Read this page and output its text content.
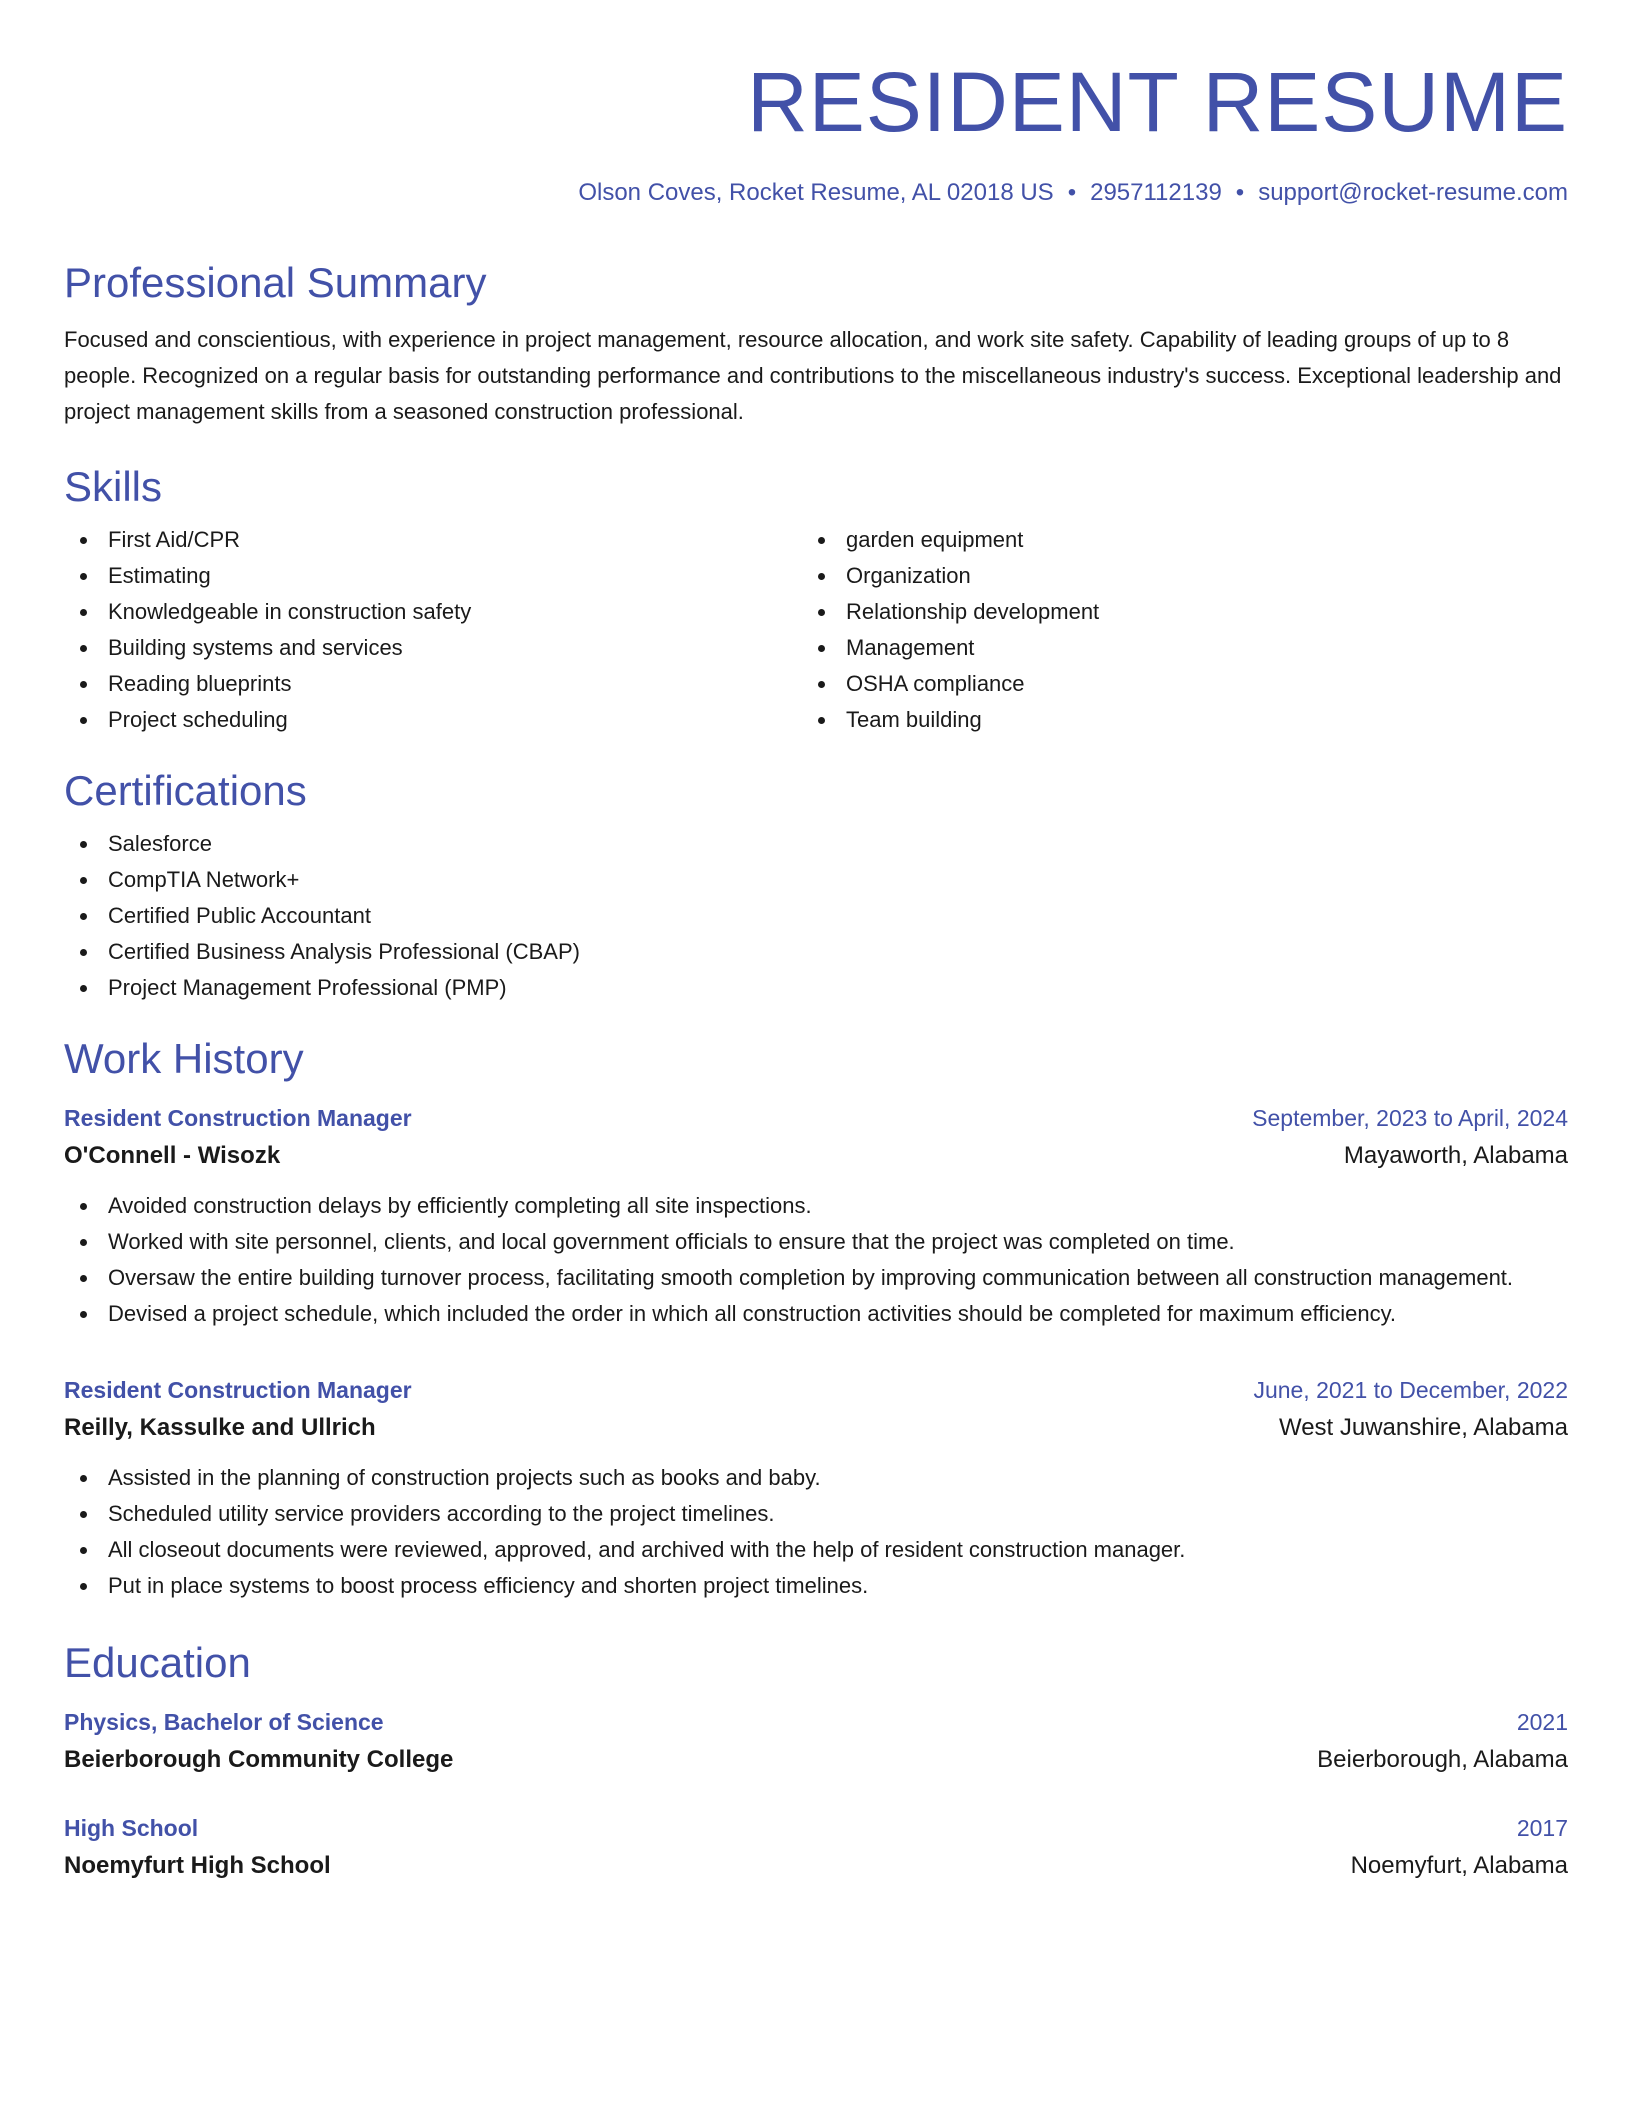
RESIDENT RESUME
Olson Coves, Rocket Resume, AL 02018 US • 2957112139 • support@rocket-resume.com
Professional Summary

Focused and conscientious, with experience in project management, resource allocation, and work site safety. Capability of leading groups of up to 8 people. Recognized on a regular basis for outstanding performance and contributions to the miscellaneous industry's success. Exceptional leadership and project management skills from a seasoned construction professional.

Skills
First Aid/CPR
Estimating
Knowledgeable in construction safety
Building systems and services
Reading blueprints
Project scheduling
garden equipment
Organization
Relationship development
Management
OSHA compliance
Team building
Certifications
Salesforce
CompTIA Network+
Certified Public Accountant
Certified Business Analysis Professional (CBAP)
Project Management Professional (PMP)
Work History
Resident Construction Manager	September, 2023 to April, 2024
O'Connell - Wisozk	Mayaworth, Alabama
Avoided construction delays by efficiently completing all site inspections.
Worked with site personnel, clients, and local government officials to ensure that the project was completed on time.
Oversaw the entire building turnover process, facilitating smooth completion by improving communication between all construction management.
Devised a project schedule, which included the order in which all construction activities should be completed for maximum efficiency.
Resident Construction Manager	June, 2021 to December, 2022
Reilly, Kassulke and Ullrich	West Juwanshire, Alabama
Assisted in the planning of construction projects such as books and baby.
Scheduled utility service providers according to the project timelines.
All closeout documents were reviewed, approved, and archived with the help of resident construction manager.
Put in place systems to boost process efficiency and shorten project timelines.
Education
Physics, Bachelor of Science	2021
Beierborough Community College	Beierborough, Alabama
High School	2017
Noemyfurt High School	Noemyfurt, Alabama
